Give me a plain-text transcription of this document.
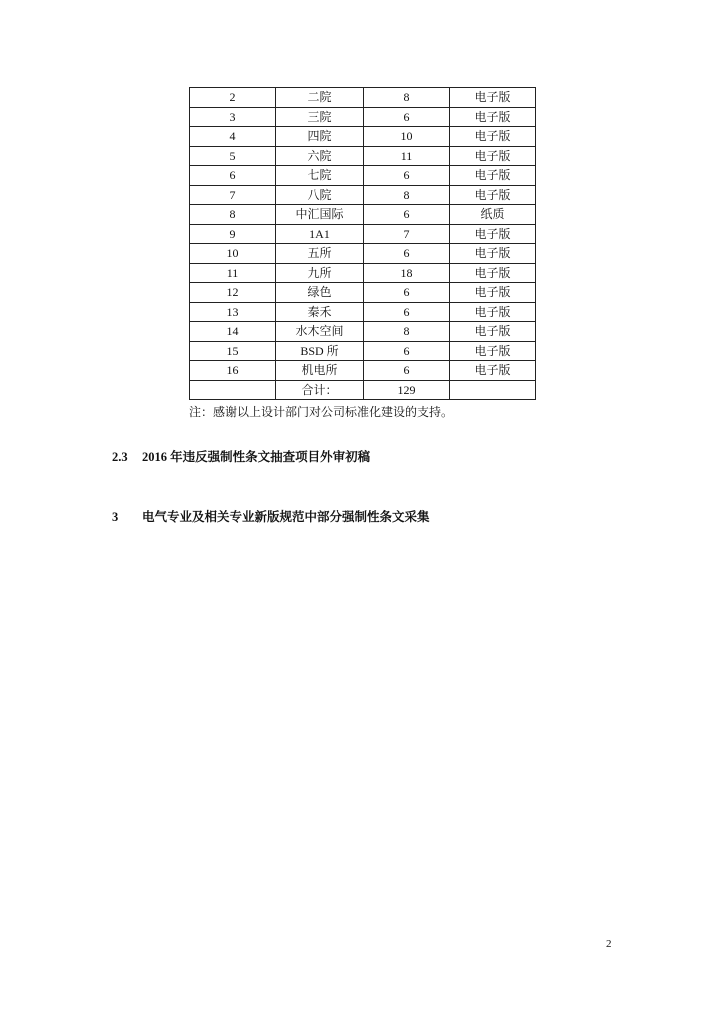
2	二院	8	电子版
3	三院	6	电子版
4	四院	10	电子版
5	六院	11	电子版
6	七院	6	电子版
7	八院	8	电子版
8	中汇国际	6	纸质
9	1A1	7	电子版
10	五所	6	电子版
11	九所	18	电子版
12	绿色	6	电子版
13	秦禾	6	电子版
14	水木空间	8	电子版
15	BSD 所	6	电子版
16	机电所	6	电子版
	合计：	129	
注：感谢以上设计部门对公司标准化建设的支持。
2.3 2016 年违反强制性条文抽查项目外审初稿
3 电气专业及相关专业新版规范中部分强制性条文采集
2
